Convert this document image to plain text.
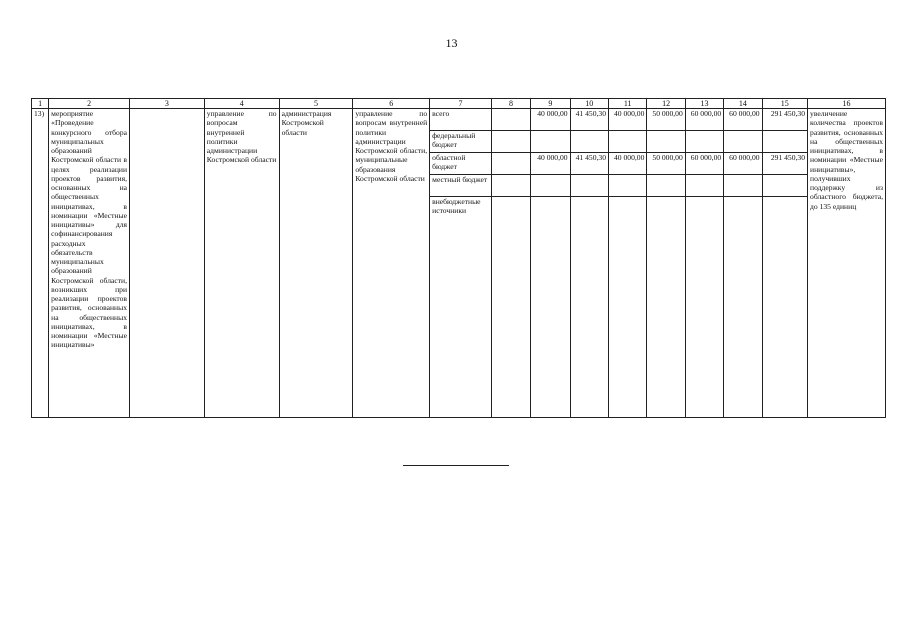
13
1	2	3	4	5	6	7	8	9	10	11	12	13	14	15	16
13)	мероприятие «Проведение конкурсного отбора муниципальных образований Костромской области в целях реализации проектов развития, основанных на общественных инициативах, в номинации «Местные инициативы» для софинансирования расходных обязательств муниципальных образований Костромской области, возникших при реализации проектов развития, основанных на общественных инициативах, в номинации «Местные инициативы»		управление по вопросам внутренней политики администрации Костромской области	администрация Костромской области	управление по вопросам внутренней политики администрации Костромской области, муниципальные образования Костромской области	всего		40 000,00	41 450,30	40 000,00	50 000,00	60 000,00	60 000,00	291 450,30	увеличение количества проектов развития, основанных на общественных инициативах, в номинации «Местные инициативы», получивших поддержку из областного бюджета, до 135 единиц
						федеральный бюджет									
						областной бюджет		40 000,00	41 450,30	40 000,00	50 000,00	60 000,00	60 000,00	291 450,30	
						местный бюджет									
						внебюджетные источники									
